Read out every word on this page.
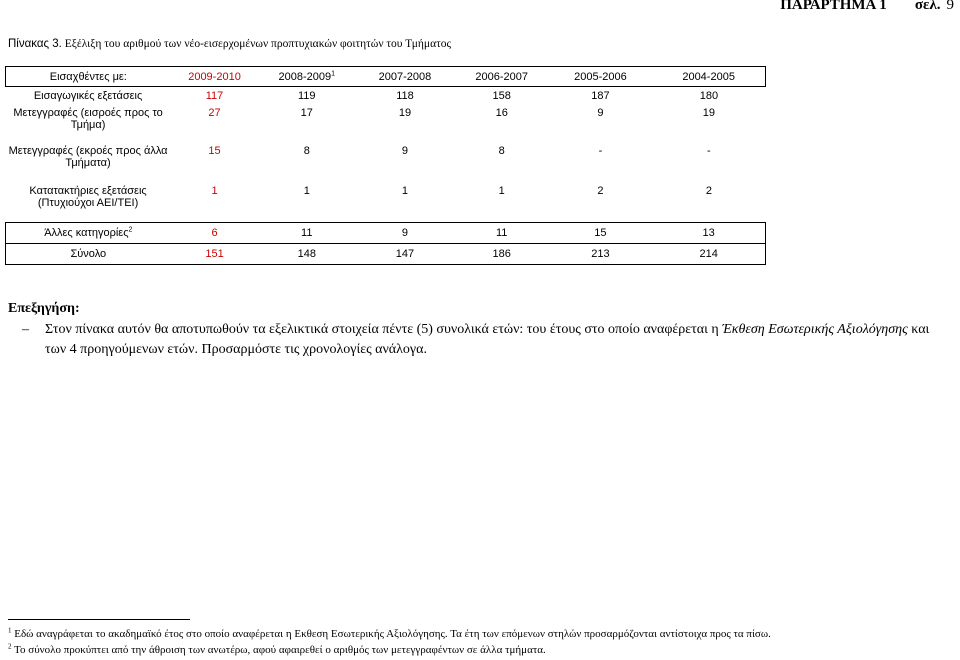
ΠΑΡΑΡΤΗΜΑ 1 σελ. 9
Πίνακας 3. Εξέλιξη του αριθμού των νέο-εισερχομένων προπτυχιακών φοιτητών του Τμήματος
Εισαχθέντες με:	2009-2010	2008-2009$^1$	2007-2008	2006-2007	2005-2006	2004-2005
Εισαγωγικές εξετάσεις	117	119	118	158	187	180
Μετεγγραφές (εισροές προς το Τμήμα)	27	17	19	16	9	19
Μετεγγραφές (εκροές προς άλλα Τμήματα)	15	8	9	8	-	-
Κατατακτήριες εξετάσεις (Πτυχιούχοι ΑΕΙ/ΤΕΙ)	1	1	1	1	2	2
Άλλες κατηγορίες$^2$	6	11	9	11	15	13
Σύνολο	151	148	147	186	213	214
Επεξηγήση:
– Στον πίνακα αυτόν θα αποτυπωθούν τα εξελικτικά στοιχεία πέντε (5) συνολικά ετών: του έτους στο οποίο αναφέρεται η Έκθεση Εσωτερικής Αξιολόγησης και των 4 προηγούμενων ετών. Προσαρμόστε τις χρονολογίες ανάλογα.
$^1$ Εδώ αναγράφεται το ακαδημαϊκό έτος στο οποίο αναφέρεται η Εκθεση Εσωτερικής Αξιολόγησης. Τα έτη των επόμενων στηλών προσαρμόζονται αντίστοιχα προς τα πίσω.
$^2$ Το σύνολο προκύπτει από την άθροιση των ανωτέρω, αφού αφαιρεθεί ο αριθμός των μετεγγραφέντων σε άλλα τμήματα.
